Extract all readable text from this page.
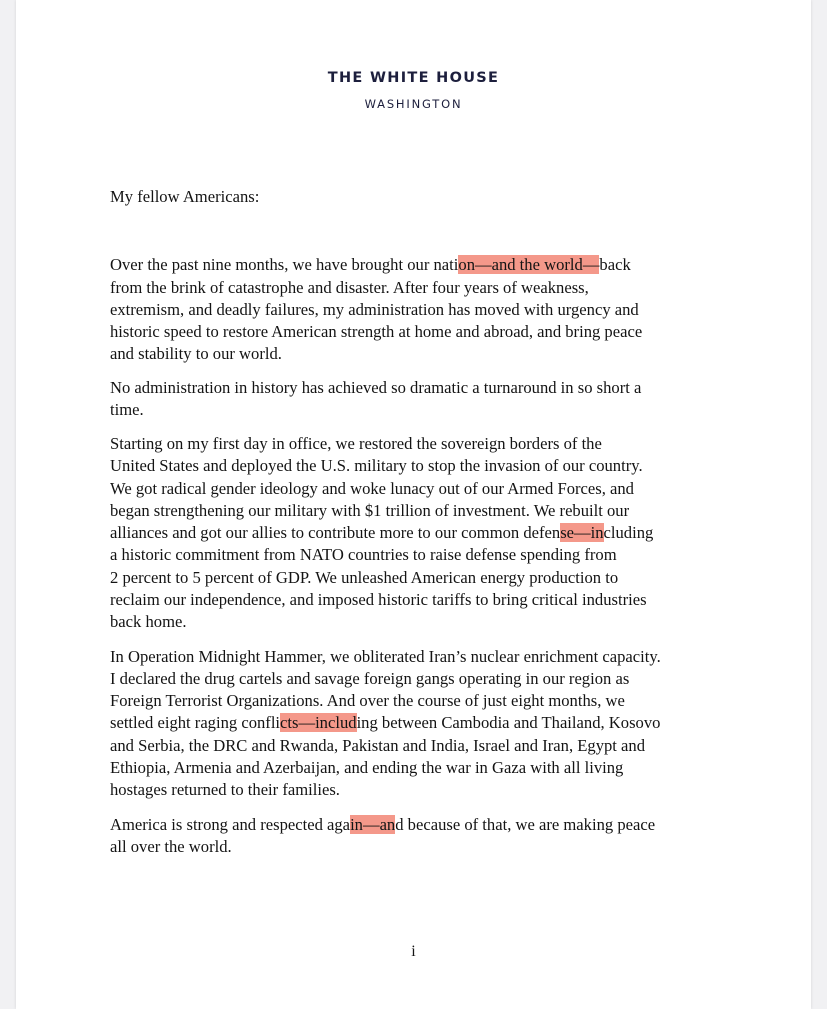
THE WHITE HOUSE
WASHINGTON
My fellow Americans:
Over the past nine months, we have brought our nation—and the world—back
from the brink of catastrophe and disaster. After four years of weakness,
extremism, and deadly failures, my administration has moved with urgency and
historic speed to restore American strength at home and abroad, and bring peace
and stability to our world.
No administration in history has achieved so dramatic a turnaround in so short a
time.
Starting on my first day in office, we restored the sovereign borders of the
United States and deployed the U.S. military to stop the invasion of our country.
We got radical gender ideology and woke lunacy out of our Armed Forces, and
began strengthening our military with $1 trillion of investment. We rebuilt our
alliances and got our allies to contribute more to our common defense—including
a historic commitment from NATO countries to raise defense spending from
2 percent to 5 percent of GDP. We unleashed American energy production to
reclaim our independence, and imposed historic tariffs to bring critical industries
back home.
In Operation Midnight Hammer, we obliterated Iran’s nuclear enrichment capacity.
I declared the drug cartels and savage foreign gangs operating in our region as
Foreign Terrorist Organizations. And over the course of just eight months, we
settled eight raging conflicts—including between Cambodia and Thailand, Kosovo
and Serbia, the DRC and Rwanda, Pakistan and India, Israel and Iran, Egypt and
Ethiopia, Armenia and Azerbaijan, and ending the war in Gaza with all living
hostages returned to their families.
America is strong and respected again—and because of that, we are making peace
all over the world.
i
